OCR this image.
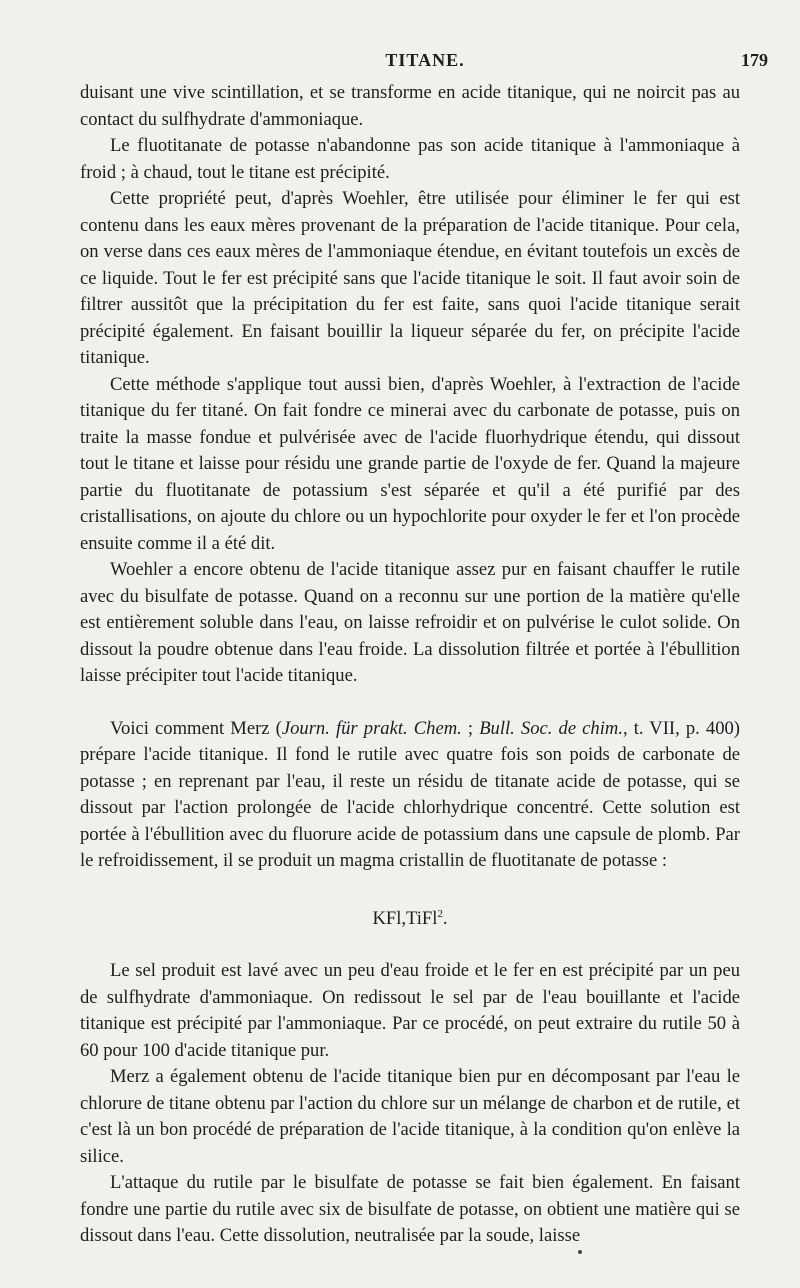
TITANE.	179

duisant une vive scintillation, et se transforme en acide titanique, qui ne noircit pas au contact du sulfhydrate d'ammoniaque.

Le fluotitanate de potasse n'abandonne pas son acide titanique à l'ammoniaque à froid ; à chaud, tout le titane est précipité.

Cette propriété peut, d'après Woehler, être utilisée pour éliminer le fer qui est contenu dans les eaux mères provenant de la préparation de l'acide titanique. Pour cela, on verse dans ces eaux mères de l'ammoniaque étendue, en évitant toutefois un excès de ce liquide. Tout le fer est précipité sans que l'acide titanique le soit. Il faut avoir soin de filtrer aussitôt que la précipitation du fer est faite, sans quoi l'acide titanique serait précipité également. En faisant bouillir la liqueur séparée du fer, on précipite l'acide titanique.

Cette méthode s'applique tout aussi bien, d'après Woehler, à l'extraction de l'acide titanique du fer titané. On fait fondre ce minerai avec du carbonate de potasse, puis on traite la masse fondue et pulvérisée avec de l'acide fluorhydrique étendu, qui dissout tout le titane et laisse pour résidu une grande partie de l'oxyde de fer. Quand la majeure partie du fluotitanate de potassium s'est séparée et qu'il a été purifié par des cristallisations, on ajoute du chlore ou un hypochlorite pour oxyder le fer et l'on procède ensuite comme il a été dit.

Woehler a encore obtenu de l'acide titanique assez pur en faisant chauffer le rutile avec du bisulfate de potasse. Quand on a reconnu sur une portion de la matière qu'elle est entièrement soluble dans l'eau, on laisse refroidir et on pulvérise le culot solide. On dissout la poudre obtenue dans l'eau froide. La dissolution filtrée et portée à l'ébullition laisse précipiter tout l'acide titanique.

Voici comment Merz (Journ. für prakt. Chem. ; Bull. Soc. de chim., t. VII, p. 400) prépare l'acide titanique. Il fond le rutile avec quatre fois son poids de carbonate de potasse ; en reprenant par l'eau, il reste un résidu de titanate acide de potasse, qui se dissout par l'action prolongée de l'acide chlorhydrique concentré. Cette solution est portée à l'ébullition avec du fluorure acide de potassium dans une capsule de plomb. Par le refroidissement, il se produit un magma cristallin de fluotitanate de potasse :

KFl,TiFl$^2$.

Le sel produit est lavé avec un peu d'eau froide et le fer en est précipité par un peu de sulfhydrate d'ammoniaque. On redissout le sel par de l'eau bouillante et l'acide titanique est précipité par l'ammoniaque. Par ce procédé, on peut extraire du rutile 50 à 60 pour 100 d'acide titanique pur.

Merz a également obtenu de l'acide titanique bien pur en décomposant par l'eau le chlorure de titane obtenu par l'action du chlore sur un mélange de charbon et de rutile, et c'est là un bon procédé de préparation de l'acide titanique, à la condition qu'on enlève la silice.

L'attaque du rutile par le bisulfate de potasse se fait bien également. En faisant fondre une partie du rutile avec six de bisulfate de potasse, on obtient une matière qui se dissout dans l'eau. Cette dissolution, neutralisée par la soude, laisse
